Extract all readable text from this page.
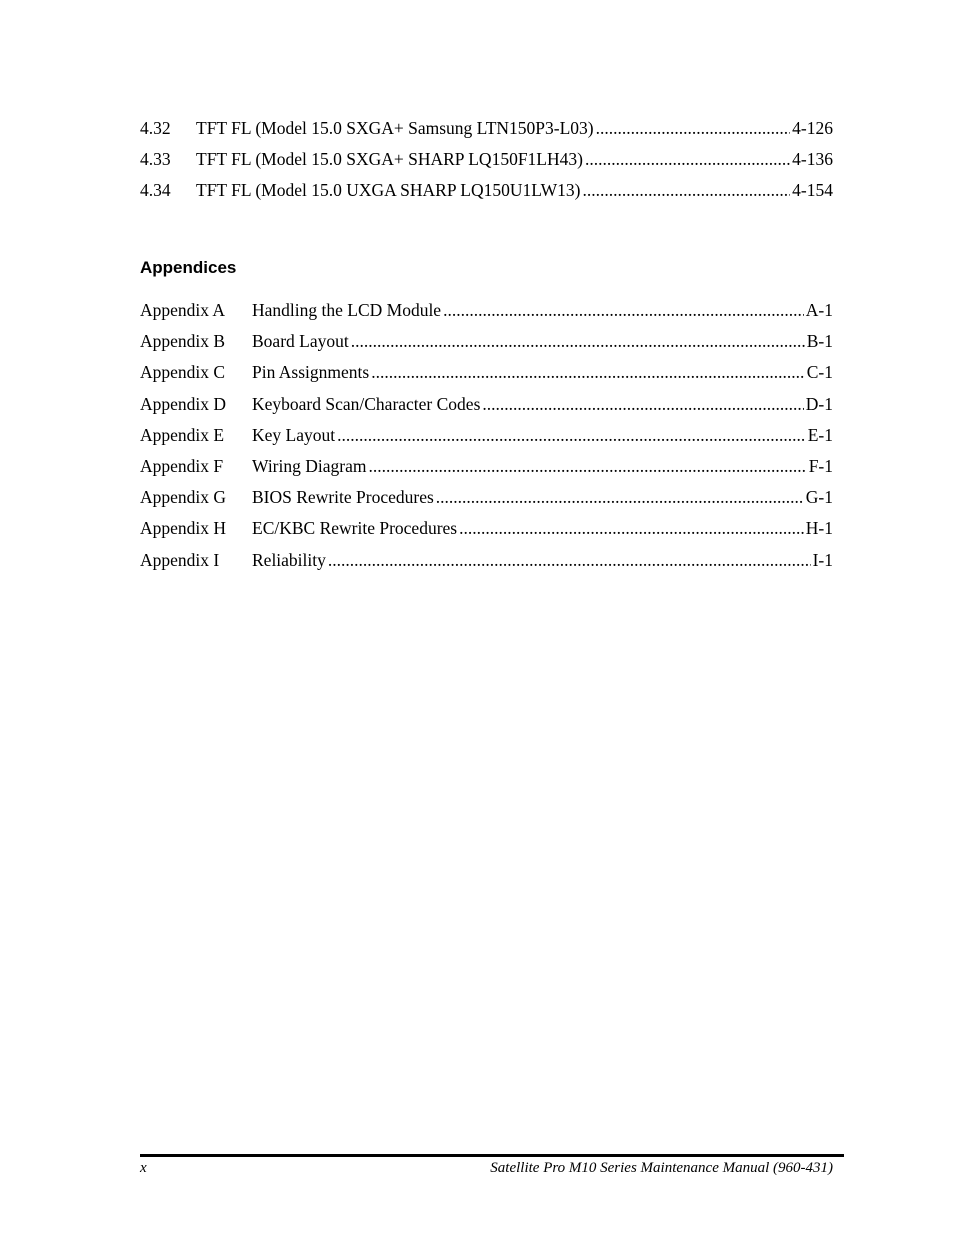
4.32	TFT FL (Model 15.0 SXGA+ Samsung LTN150P3-L03) .....	4-126
4.33	TFT FL (Model 15.0 SXGA+ SHARP LQ150F1LH43) .....	4-136
4.34	TFT FL (Model 15.0 UXGA SHARP LQ150U1LW13) .....	4-154
Appendices
Appendix A	Handling the LCD Module .....	A-1
Appendix B	Board Layout .....	B-1
Appendix C	Pin Assignments .....	C-1
Appendix D	Keyboard Scan/Character Codes .....	D-1
Appendix E	Key Layout .....	E-1
Appendix F	Wiring Diagram .....	F-1
Appendix G	BIOS Rewrite Procedures .....	G-1
Appendix H	EC/KBC Rewrite Procedures .....	H-1
Appendix I	Reliability .....	I-1
x	Satellite Pro M10 Series Maintenance Manual (960-431)
